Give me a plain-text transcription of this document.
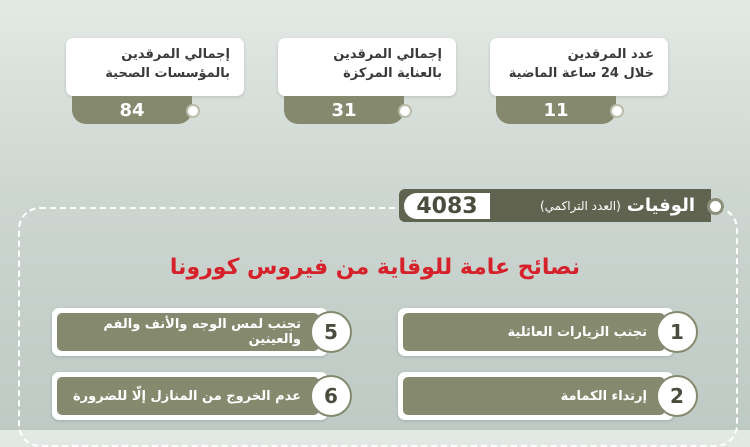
إجمالي المرقدين
بالمؤسسات الصحية
84
إجمالي المرقدين
بالعناية المركزة
31
عدد المرقدين
خلال 24 ساعة الماضية
11
4083	الوفيات
(العدد التراكمي)
نصائح عامة للوقاية من فيروس كورونا
تجنب الزيارات العائلية	1
إرتداء الكمامة	2
تجنب لمس الوجه والأنف والفم والعينين	5
عدم الخروج من المنازل إلّا للضرورة	6
